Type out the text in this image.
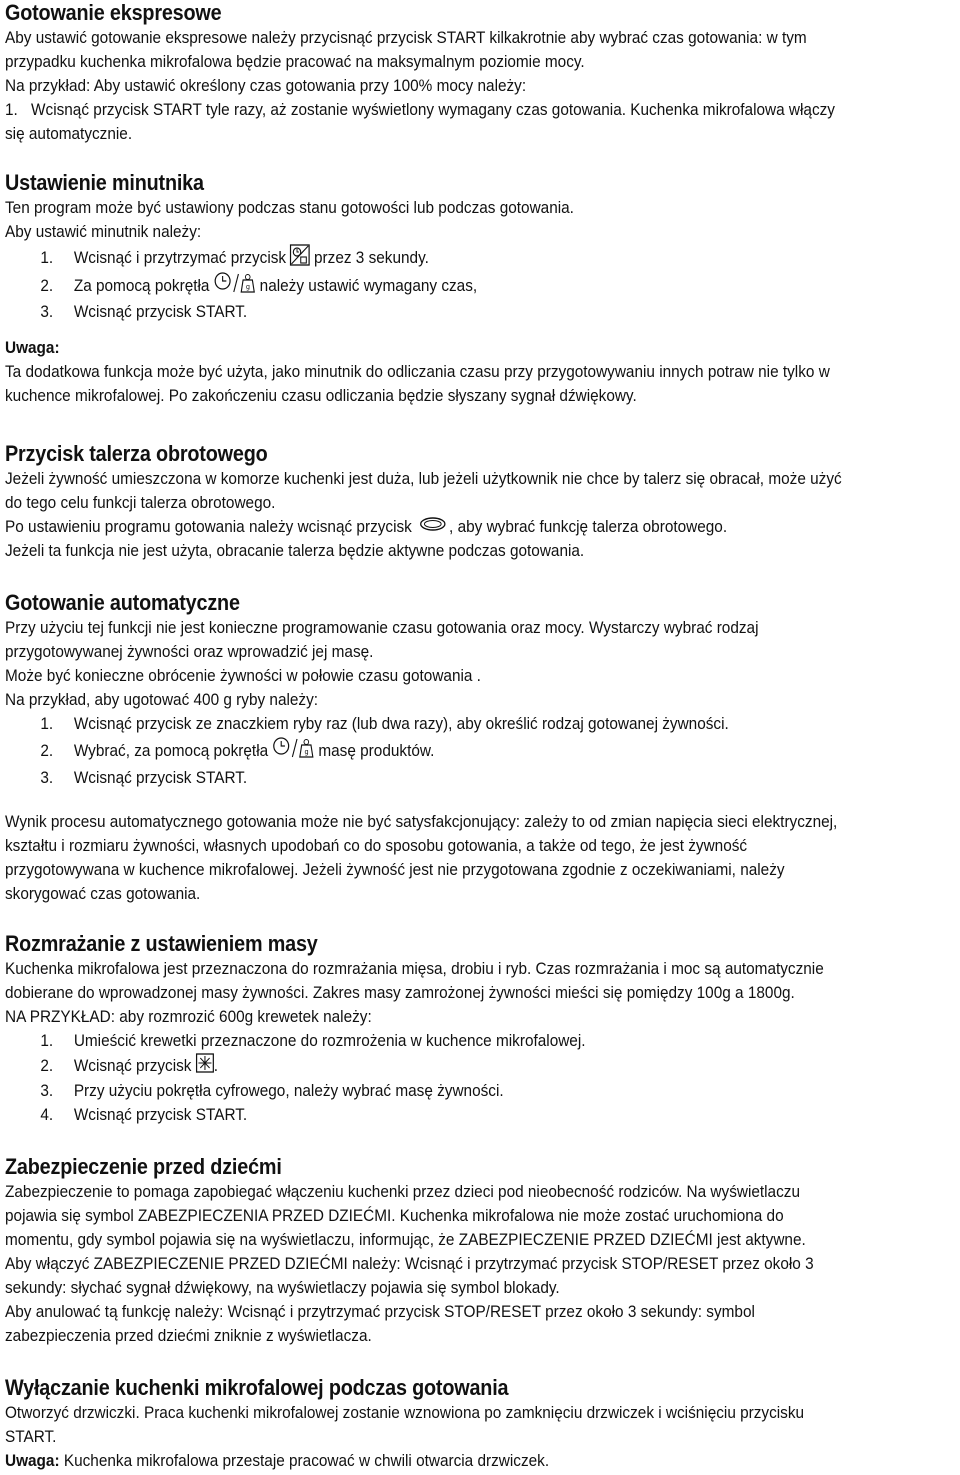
Gotowanie ekspresowe
Aby ustawić gotowanie ekspresowe należy przycisnąć przycisk START kilkakrotnie aby wybrać czas gotowania: w tym
przypadku kuchenka mikrofalowa będzie pracować na maksymalnym poziomie mocy.
Na przykład: Aby ustawić określony czas gotowania przy 100% mocy należy:
1. Wcisnąć przycisk START tyle razy, aż zostanie wyświetlony wymagany czas gotowania. Kuchenka mikrofalowa włączy
się automatycznie.
Ustawienie minutnika
Ten program może być ustawiony podczas stanu gotowości lub podczas gotowania.
Aby ustawić minutnik należy:
1.	Wcisnąć i przytrzymać przycisk przez 3 sekundy.
2.	Za pomocą pokrętła	g należy ustawić wymagany czas,
3.	Wcisnąć przycisk START.
Uwaga:
Ta dodatkowa funkcja może być użyta, jako minutnik do odliczania czasu przy przygotowywaniu innych potraw nie tylko w
kuchence mikrofalowej. Po zakończeniu czasu odliczania będzie słyszany sygnał dźwiękowy.
Przycisk talerza obrotowego
Jeżeli żywność umieszczona w komorze kuchenki jest duża, lub jeżeli użytkownik nie chce by talerz się obracał, może użyć
do tego celu funkcji talerza obrotowego.
Po ustawieniu programu gotowania należy wcisnąć przycisk , aby wybrać funkcję talerza obrotowego.
Jeżeli ta funkcja nie jest użyta, obracanie talerza będzie aktywne podczas gotowania.
Gotowanie automatyczne
Przy użyciu tej funkcji nie jest konieczne programowanie czasu gotowania oraz mocy. Wystarczy wybrać rodzaj
przygotowywanej żywności oraz wprowadzić jej masę.
Może być konieczne obrócenie żywności w połowie czasu gotowania .
Na przykład, aby ugotować 400 g ryby należy:
1.	Wcisnąć przycisk ze znaczkiem ryby raz (lub dwa razy), aby określić rodzaj gotowanej żywności.
2.	Wybrać, za pomocą pokrętła	g masę produktów.
3.	Wcisnąć przycisk START.
Wynik procesu automatycznego gotowania może nie być satysfakcjonujący: zależy to od zmian napięcia sieci elektrycznej,
kształtu i rozmiaru żywności, własnych upodobań co do sposobu gotowania, a także od tego, że jest żywność
przygotowywana w kuchence mikrofalowej. Jeżeli żywność jest nie przygotowana zgodnie z oczekiwaniami, należy
skorygować czas gotowania.
Rozmrażanie z ustawieniem masy
Kuchenka mikrofalowa jest przeznaczona do rozmrażania mięsa, drobiu i ryb. Czas rozmrażania i moc są automatycznie
dobierane do wprowadzonej masy żywności. Zakres masy zamrożonej żywności mieści się pomiędzy 100g a 1800g.
NA PRZYKŁAD: aby rozmrozić 600g krewetek należy:
1.	Umieścić krewetki przeznaczone do rozmrożenia w kuchence mikrofalowej.
2.	Wcisnąć przycisk .
3.	Przy użyciu pokrętła cyfrowego, należy wybrać masę żywności.
4.	Wcisnąć przycisk START.
Zabezpieczenie przed dziećmi
Zabezpieczenie to pomaga zapobiegać włączeniu kuchenki przez dzieci pod nieobecność rodziców. Na wyświetlaczu
pojawia się symbol ZABEZPIECZENIA PRZED DZIEĆMI. Kuchenka mikrofalowa nie może zostać uruchomiona do
momentu, gdy symbol pojawia się na wyświetlaczu, informując, że ZABEZPIECZENIE PRZED DZIEĆMI jest aktywne.
Aby włączyć ZABEZPIECZENIE PRZED DZIEĆMI należy: Wcisnąć i przytrzymać przycisk STOP/RESET przez około 3
sekundy: słychać sygnał dźwiękowy, na wyświetlaczy pojawia się symbol blokady.
Aby anulować tą funkcję należy: Wcisnąć i przytrzymać przycisk STOP/RESET przez około 3 sekundy: symbol
zabezpieczenia przed dziećmi zniknie z wyświetlacza.
Wyłączanie kuchenki mikrofalowej podczas gotowania
Otworzyć drzwiczki. Praca kuchenki mikrofalowej zostanie wznowiona po zamknięciu drzwiczek i wciśnięciu przycisku
START.
Uwaga: Kuchenka mikrofalowa przestaje pracować w chwili otwarcia drzwiczek.
